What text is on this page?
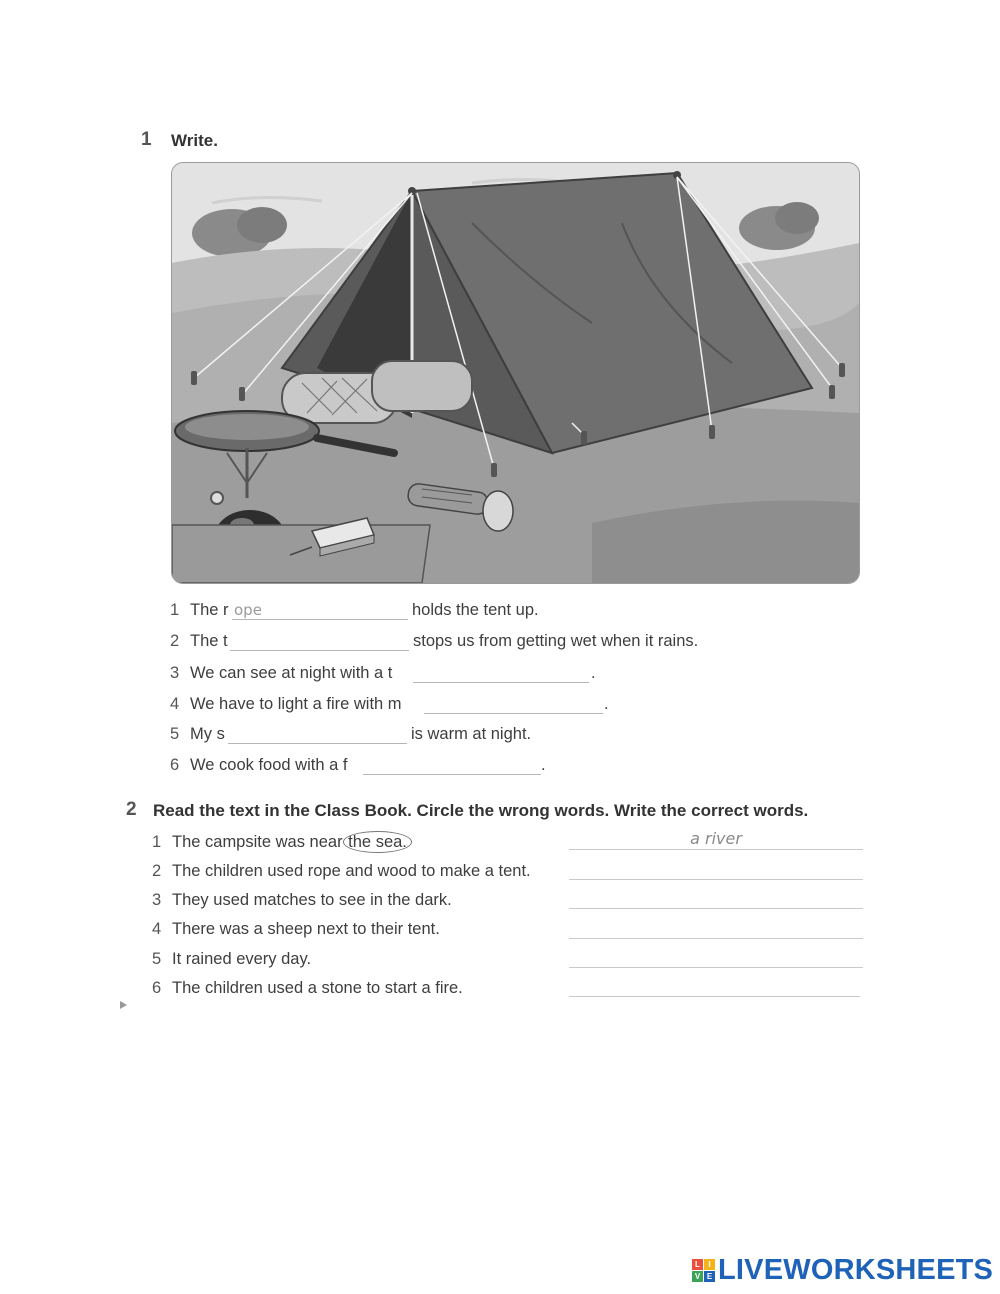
1 Write.
1 The r
ope	holds the tent up.
2 The t	stops us from getting wet when it rains.
3 We can see at night with a t	.
4 We have to light a fire with m	.
5 My s	is warm at night.
6 We cook food with a f	.
2 Read the text in the Class Book. Circle the wrong words. Write the correct words.
1 The campsite was near the sea.
a river
2 The children used rope and wood to make a tent.
3 They used matches to see in the dark.
4 There was a sheep next to their tent.
5 It rained every day.
6 The children used a stone to start a fire.
L	I
V E LIVEWORKSHEETS
